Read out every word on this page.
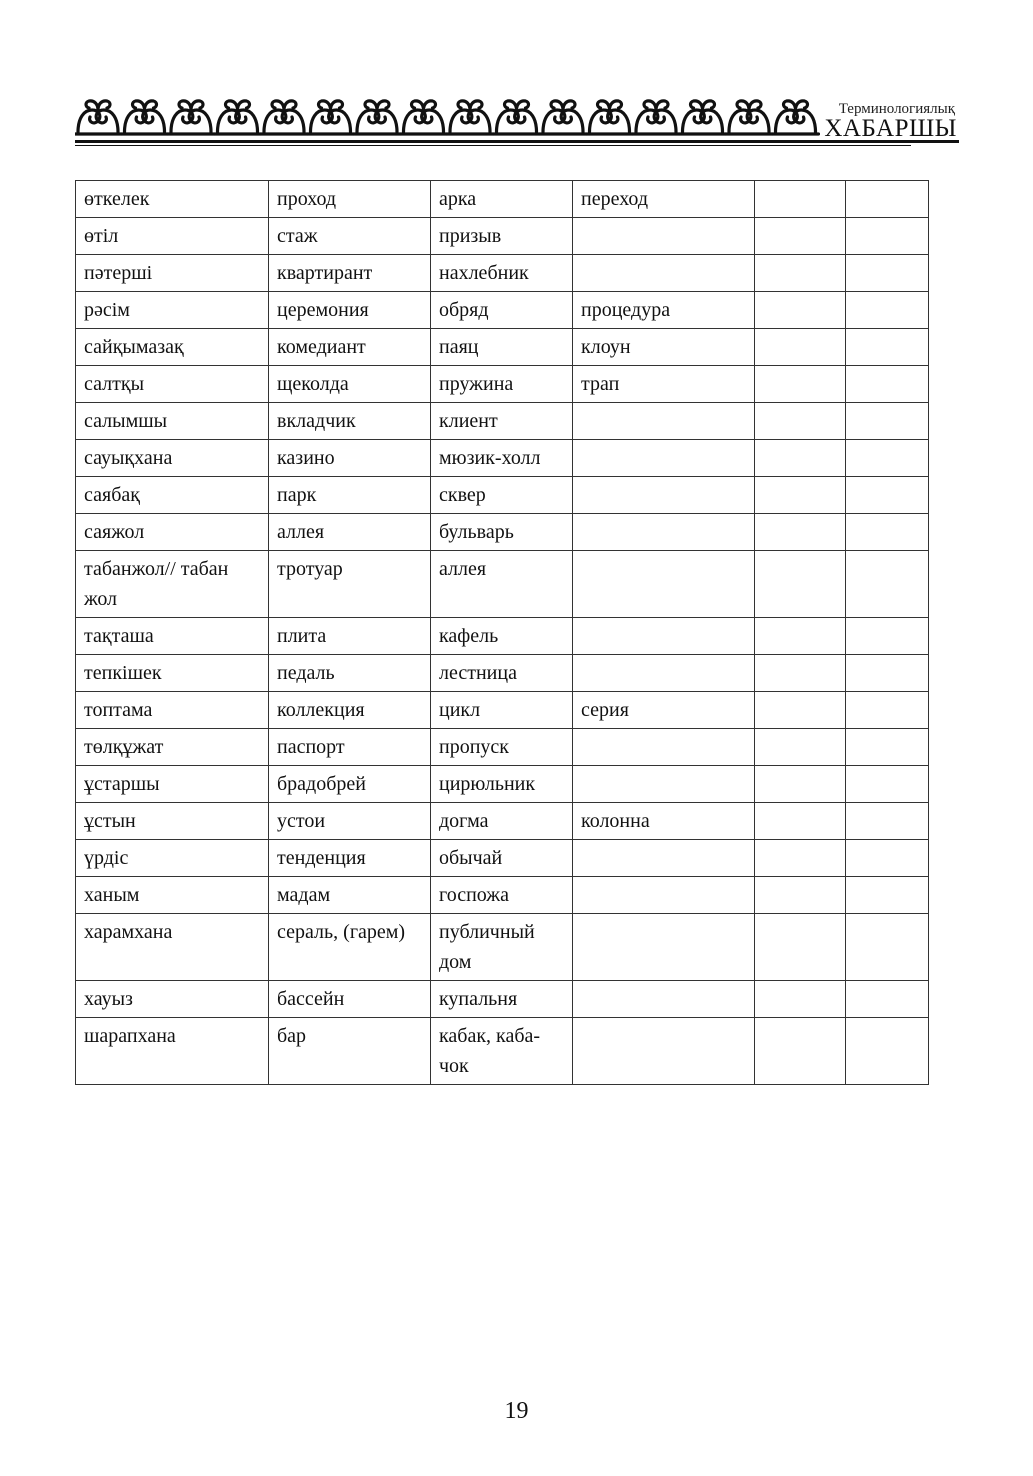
Терминологиялық
ХАБАРШЫ
өткелек	проход	арка	переход		
өтіл	стаж	призыв			
пәтерші	квартирант	нахлебник			
рәсім	церемония	обряд	процедура		
сайқымазақ	комедиант	паяц	клоун		
салтқы	щеколда	пружина	трап		
салымшы	вкладчик	клиент			
сауықхана	казино	мюзик-холл			
саябақ	парк	сквер			
саяжол	аллея	бульварь			
табанжол// табан жол	тротуар	аллея			
тақташа	плита	кафель			
тепкішек	педаль	лестница			
топтама	коллекция	цикл	серия		
төлқұжат	паспорт	пропуск			
ұстаршы	брадобрей	цирюльник			
ұстын	устои	догма	колонна		
үрдіс	тенденция	обычай			
ханым	мадам	госпожа			
харамхана	сераль, (гарем)	публичный дом			
хауыз	бассейн	купальня			
шарапхана	бар	кабак, каба-чок			
19
